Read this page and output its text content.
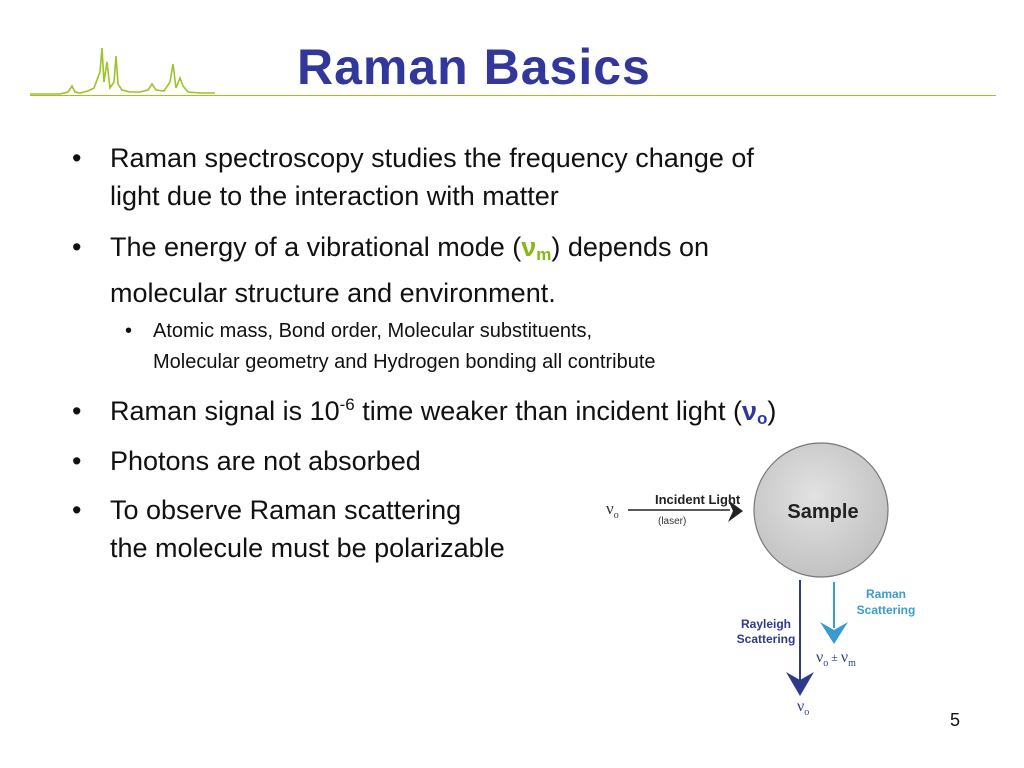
Raman Basics
• Raman spectroscopy studies the frequency change of
light due to the interaction with matter
• The energy of a vibrational mode $(\nu_m)$ depends on
molecular structure and environment.
• Atomic mass, Bond order, Molecular substituents,
Molecular geometry and Hydrogen bonding all contribute
• Raman signal is $10^{-6}$ time weaker than incident light $(\nu_o)$
• Photons are not absorbed
• To observe Raman scattering
the molecule must be polarizable
Sample
$\nu_o$
Incident Light
(laser)
Rayleigh
Scattering
$\nu_o$
Raman
Scattering
$\nu_o$ ± $\nu_m$
5
